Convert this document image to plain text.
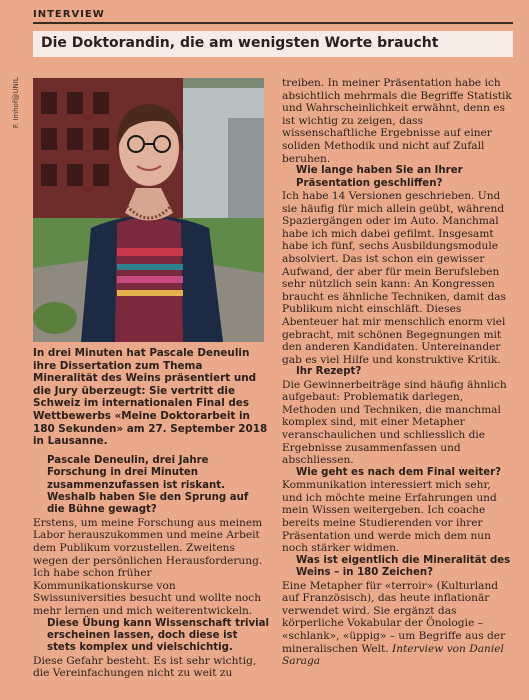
INTERVIEW
Die Doktorandin, die am wenigsten Worte braucht
F. Imhof@UNIL

In drei Minuten hat Pascale Deneulin ihre Dissertation zum Thema Mineralität des Weins präsentiert und die Jury überzeugt: Sie vertritt die Schweiz im internationalen Final des Wettbewerbs «Meine Doktorarbeit in 180 Sekunden» am 27. September 2018 in Lausanne.

Pascale Deneulin, drei Jahre Forschung in drei Minuten zusammenzufassen ist riskant. Weshalb haben Sie den Sprung auf die Bühne gewagt?

Erstens, um meine Forschung aus meinem Labor herauszukommen und meine Arbeit dem Publikum vorzustellen. Zweitens wegen der persönlichen Herausforderung. Ich habe schon früher Kommunikationskurse von Swissuniversities besucht und wollte noch mehr lernen und mich weiterentwickeln.

Diese Übung kann Wissenschaft trivial erscheinen lassen, doch diese ist stets komplex und vielschichtig.

Diese Gefahr besteht. Es ist sehr wichtig, die Vereinfachungen nicht zu weit zu

treiben. In meiner Präsentation habe ich absichtlich mehrmals die Begriffe Statistik und Wahrscheinlichkeit erwähnt, denn es ist wichtig zu zeigen, dass wissenschaftliche Ergebnisse auf einer soliden Methodik und nicht auf Zufall beruhen.

Wie lange haben Sie an Ihrer Präsentation geschliffen?

Ich habe 14 Versionen geschrieben. Und sie häufig für mich allein geübt, während Spaziergängen oder im Auto. Manchmal habe ich mich dabei gefilmt. Insgesamt habe ich fünf, sechs Ausbildungsmodule absolviert. Das ist schon ein gewisser Aufwand, der aber für mein Berufsleben sehr nützlich sein kann: An Kongressen braucht es ähnliche Techniken, damit das Publikum nicht einschläft. Dieses Abenteuer hat mir menschlich enorm viel gebracht, mit schönen Begegnungen mit den anderen Kandidaten. Untereinander gab es viel Hilfe und konstruktive Kritik.

Ihr Rezept?

Die Gewinnerbeiträge sind häufig ähnlich aufgebaut: Problematik darlegen, Methoden und Techniken, die manchmal komplex sind, mit einer Metapher veranschaulichen und schliesslich die Ergebnisse zusammenfassen und abschliessen.

Wie geht es nach dem Final weiter?

Kommunikation interessiert mich sehr, und ich möchte meine Erfahrungen und mein Wissen weitergeben. Ich coache bereits meine Studierenden vor ihrer Präsentation und werde mich dem nun noch stärker widmen.

Was ist eigentlich die Mineralität des Weins – in 180 Zeichen?

Eine Metapher für «terroir» (Kulturland auf Französisch), das heute inflationär verwendet wird. Sie ergänzt das körperliche Vokabular der Önologie – «schlank», «üppig» – um Begriffe aus der mineralischen Welt. Interview von Daniel Saraga
